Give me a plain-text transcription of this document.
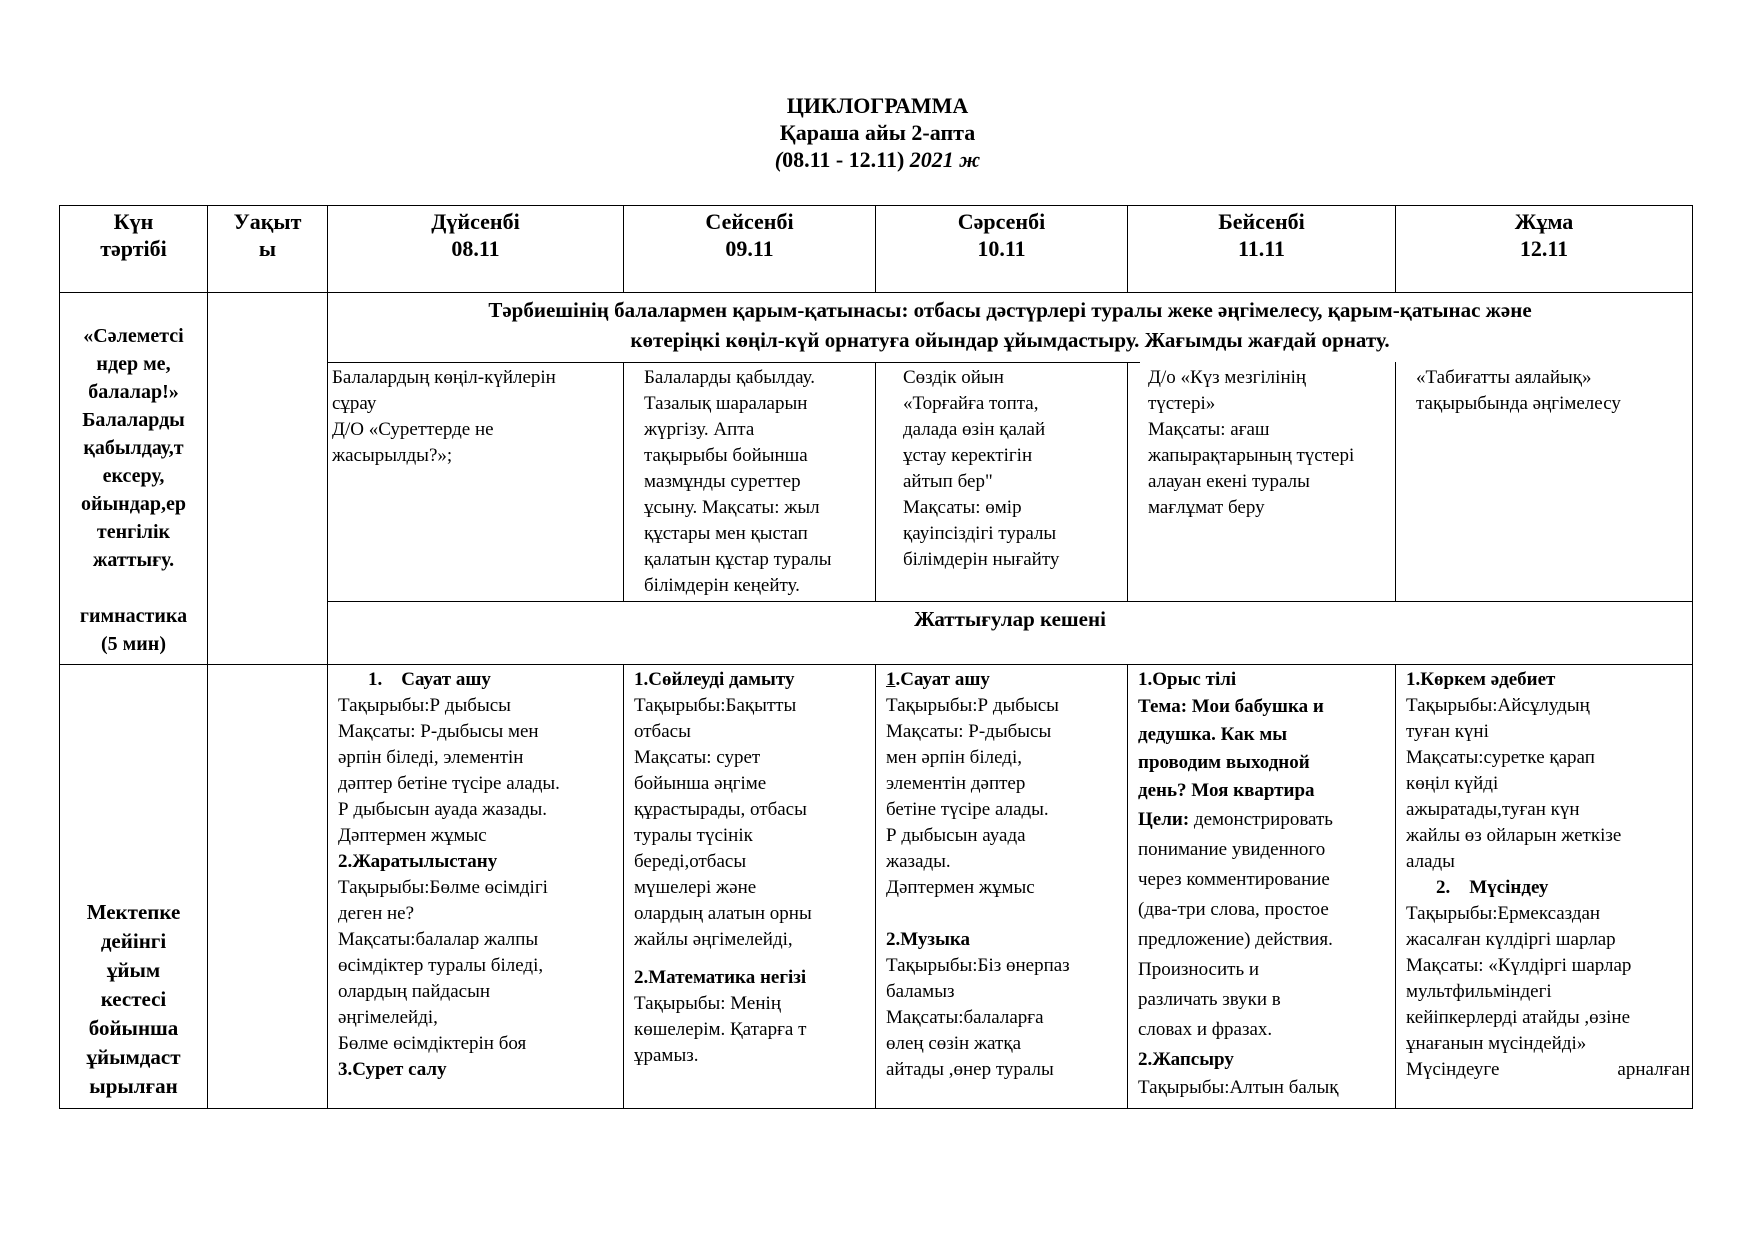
ЦИКЛОГРАММА
Қараша айы 2-апта
(08.11 - 12.11) 2021 ж

Күн

тәртібі

Уақыт

ы

Дүйсенбі

08.11

Сейсенбі

09.11

Сәрсенбі

10.11

Бейсенбі

11.11

Жұма

12.11

«Сәлеметсі

ндер ме,

балалар!»

Балаларды

қабылдау,т

ексеру,

ойындар,ер

тенгілік

жаттығу.

гимнастика

(5 мин)

Тәрбиешінің балалармен қарым-қатынасы: отбасы дәстүрлері туралы жеке әңгімелесу, қарым-қатынас және

көтеріңкі көңіл-күй орнатуға ойындар ұйымдастыру. Жағымды жағдай орнату.

Балалардың көңіл-күйлерін

сұрау

Д/О «Суреттерде не

жасырылды?»;

Балаларды қабылдау.

Тазалық шараларын

жүргізу. Апта

тақырыбы бойынша

мазмұнды суреттер

ұсыну. Мақсаты: жыл

құстары мен қыстап

қалатын құстар туралы

білімдерін кеңейту.

Сөздік ойын

«Торғайға топта,

далада өзін қалай

ұстау керектігін

айтып бер"

Мақсаты: өмір

қауіпсіздігі туралы

білімдерін нығайту

Д/о «Күз мезгілінің

түстері»

Мақсаты: ағаш

жапырақтарының түстері

алауан екені туралы

мағлұмат беру

«Табиғатты аялайық»

тақырыбында әңгімелесу

Жаттығулар кешені

Мектепке

дейінгі

ұйым

кестесі

бойынша

ұйымдаст

ырылған

1.    Сауат ашу

Тақырыбы:Р дыбысы

Мақсаты: Р-дыбысы мен

әрпін біледі, элементін

дәптер бетіне түсіре алады.

Р дыбысын ауада жазады.

Дәптермен жұмыс

2.Жаратылыстану

Тақырыбы:Бөлме өсімдігі

деген не?

Мақсаты:балалар жалпы

өсімдіктер туралы біледі,

олардың пайдасын

әңгімелейді,

Бөлме өсімдіктерін боя

3.Сурет салу

1.Сөйлеуді дамыту

Тақырыбы:Бақытты

отбасы

Мақсаты: сурет

бойынша әңгіме

құрастырады, отбасы

туралы түсінік

береді,отбасы

мүшелері және

олардың алатын орны

жайлы әңгімелейді,

2.Математика негізі

Тақырыбы: Менің

көшелерім. Қатарға т

ұрамыз.

1.Сауат ашу

Тақырыбы:Р дыбысы

Мақсаты: Р-дыбысы

мен әрпін біледі,

элементін дәптер

бетіне түсіре алады.

Р дыбысын ауада

жазады.

Дәптермен жұмыс

2.Музыка

Тақырыбы:Біз өнерпаз

баламыз

Мақсаты:балаларға

өлең сөзін жатқа

айтады ,өнер туралы

1.Орыс тілі

Тема: Мои бабушка и

дедушка. Как мы

проводим выходной

день? Моя квартира

Цели: демонстрировать

понимание увиденного

через комментирование

(два-три слова, простое

предложение) действия.

Произносить и

различать звуки в

словах и фразах.

2.Жапсыру

Тақырыбы:Алтын балық

1.Көркем әдебиет

Тақырыбы:Айсұлудың

туған күні

Мақсаты:суретке қарап

көңіл күйді

ажыратады,туған күн

жайлы өз ойларын жеткізе

алады

2.    Мүсіндеу

Тақырыбы:Ермексаздан

жасалған күлдіргі шарлар

Мақсаты: «Күлдіргі шарлар

мультфильміндегі

кейіпкерлерді атайды ,өзіне

ұнағанын мүсіндейді»

Мүсіндеуге	арналған
